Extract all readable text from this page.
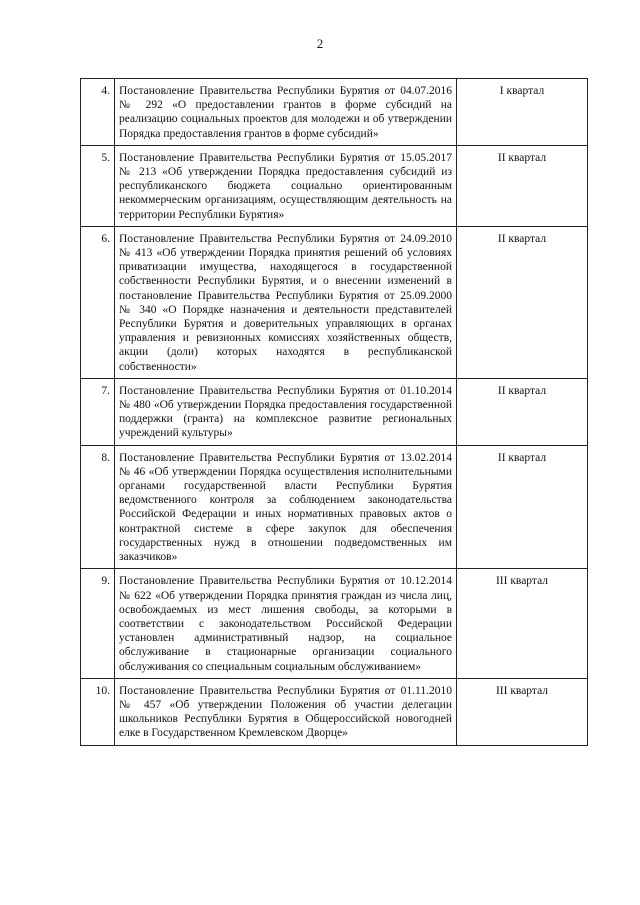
2
4.	Постановление Правительства Республики Бурятия от 04.07.2016 № 292 «О предоставлении грантов в форме субсидий на реализацию социальных проектов для молодежи и об утверждении Порядка предоставления грантов в форме субсидий»	I квартал
5.	Постановление Правительства Республики Бурятия от 15.05.2017 № 213 «Об утверждении Порядка предоставления субсидий из республиканского бюджета социально ориентированным некоммерческим организациям, осуществляющим деятельность на территории Республики Бурятия»	II квартал
6.	Постановление Правительства Республики Бурятия от 24.09.2010 № 413 «Об утверждении Порядка принятия решений об условиях приватизации имущества, находящегося в государственной собственности Республики Бурятия, и о внесении изменений в постановление Правительства Республики Бурятия от 25.09.2000 № 340 «О Порядке назначения и деятельности представителей Республики Бурятия и доверительных управляющих в органах управления и ревизионных комиссиях хозяйственных обществ, акции (доли) которых находятся в республиканской собственности»	II квартал
7.	Постановление Правительства Республики Бурятия от 01.10.2014 № 480 «Об утверждении Порядка предоставления государственной поддержки (гранта) на комплексное развитие региональных учреждений культуры»	II квартал
8.	Постановление Правительства Республики Бурятия от 13.02.2014 № 46 «Об утверждении Порядка осуществления исполнительными органами государственной власти Республики Бурятия ведомственного контроля за соблюдением законодательства Российской Федерации и иных нормативных правовых актов о контрактной системе в сфере закупок для обеспечения государственных нужд в отношении подведомственных им заказчиков»	II квартал
9.	Постановление Правительства Республики Бурятия от 10.12.2014 № 622 «Об утверждении Порядка принятия граждан из числа лиц, освобождаемых из мест лишения свободы, за которыми в соответствии с законодательством Российской Федерации установлен административный надзор, на социальное обслуживание в стационарные организации социального обслуживания со специальным социальным обслуживанием»	III квартал
10.	Постановление Правительства Республики Бурятия от 01.11.2010 № 457 «Об утверждении Положения об участии делегации школьников Республики Бурятия в Общероссийской новогодней елке в Государственном Кремлевском Дворце»	III квартал
